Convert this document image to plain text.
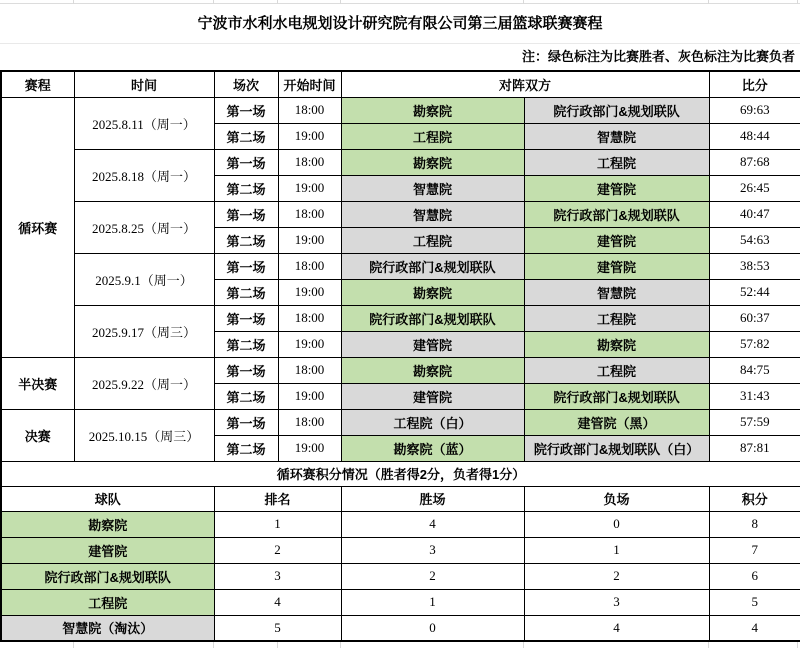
宁波市水利水电规划设计研究院有限公司第三届篮球联赛赛程
注：绿色标注为比赛胜者、灰色标注为比赛负者
赛程	时间	场次	开始时间	对阵双方		比分
循环赛	2025.8.11（周一）	第一场	18:00	勘察院	院行政部门&规划联队	69:63
		第二场	19:00	工程院	智慧院	48:44
	2025.8.18（周一）	第一场	18:00	勘察院	工程院	87:68
		第二场	19:00	智慧院	建管院	26:45
	2025.8.25（周一）	第一场	18:00	智慧院	院行政部门&规划联队	40:47
		第二场	19:00	工程院	建管院	54:63
	2025.9.1（周一）	第一场	18:00	院行政部门&规划联队	建管院	38:53
		第二场	19:00	勘察院	智慧院	52:44
	2025.9.17（周三）	第一场	18:00	院行政部门&规划联队	工程院	60:37
		第二场	19:00	建管院	勘察院	57:82
半决赛	2025.9.22（周一）	第一场	18:00	勘察院	工程院	84:75
		第二场	19:00	建管院	院行政部门&规划联队	31:43
决赛	2025.10.15（周三）	第一场	18:00	工程院（白）	建管院（黑）	57:59
		第二场	19:00	勘察院（蓝）	院行政部门&规划联队（白）	87:81
循环赛积分情况（胜者得2分，负者得1分）						
球队		排名		胜场	负场	积分
勘察院		1		4	0	8
建管院		2		3	1	7
院行政部门&规划联队		3		2	2	6
工程院		4		1	3	5
智慧院（淘汰）		5		0	4	4
